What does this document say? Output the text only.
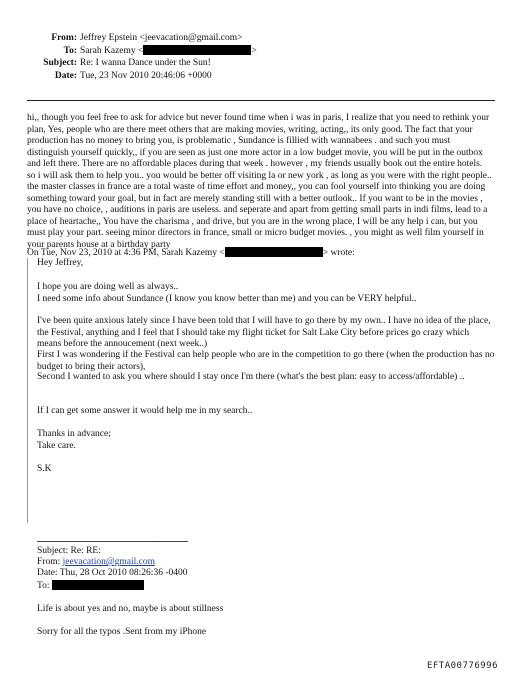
From: Jeffrey Epstein <jeevacation@gmail.com>
To: Sarah Kazemy <	>
Subject: Re: I wanna Dance under the Sun!
Date: Tue, 23 Nov 2010 20:46:06 +0000

hi,, though you feel free to ask for advice but never found time when i was in paris, I realize that you need to rethink your plan, Yes, people who are there meet others that are making movies, writing, acting,, its only good. The fact that your production has no money to bring you, is problematic , Sundance is fillied with wannabees . and such you must distinguish yourself quickly,, if you are seen as just one more actor in a low budget movie, you will be put in the outbox and left there. There are no affordable places during that week . however , my friends usually book out the entire hotels. so i will ask them to help you.. you would be better off visiting la or new york , as long as you were with the right people.. the master classes in france are a total waste of time effort and money,, you can fool yourself into thinking you are doing something toward your goal, but in fact are merely standing still with a better outlook.. If you want to be in the movies , you have no choice, , auditions in paris are useless. and seperate and apart from getting small parts in indi films, lead to a place of heartache,, You have the charisma , and drive, but you are in the wrong place, I will be any help i can, but you must play your part. seeing minor directors in france, small or micro budget movies. , you might as well film yourself in your parents house at a birthday party

On Tue, Nov 23, 2010 at 4:36 PM, Sarah Kazemy <	> wrote:

Hey Jeffrey,

I hope you are doing well as always..

I need some info about Sundance (I know you know better than me) and you can be VERY helpful..

I've been quite anxious lately since I have been told that I will have to go there by my own.. I have no idea of the place, the Festival, anything and I feel that I should take my flight ticket for Salt Lake City before prices go crazy which means before the annoucement (next week..)

First I was wondering if the Festival can help people who are in the competition to go there (when the production has no budget to bring their actors),

Second I wanted to ask you where should I stay once I'm there (what's the best plan: easy to access/affordable) ..

If I can get some answer it would help me in my search..

Thanks in advance;

Take care.

S.K

Subject: Re: RE:
From: jeevacation@gmail.com
Date: Thu, 28 Oct 2010 08:26:36 -0400
To:
Life is about yes and no, maybe is about stillness
Sorry for all the typos .Sent from my iPhone
EFTA00776996
